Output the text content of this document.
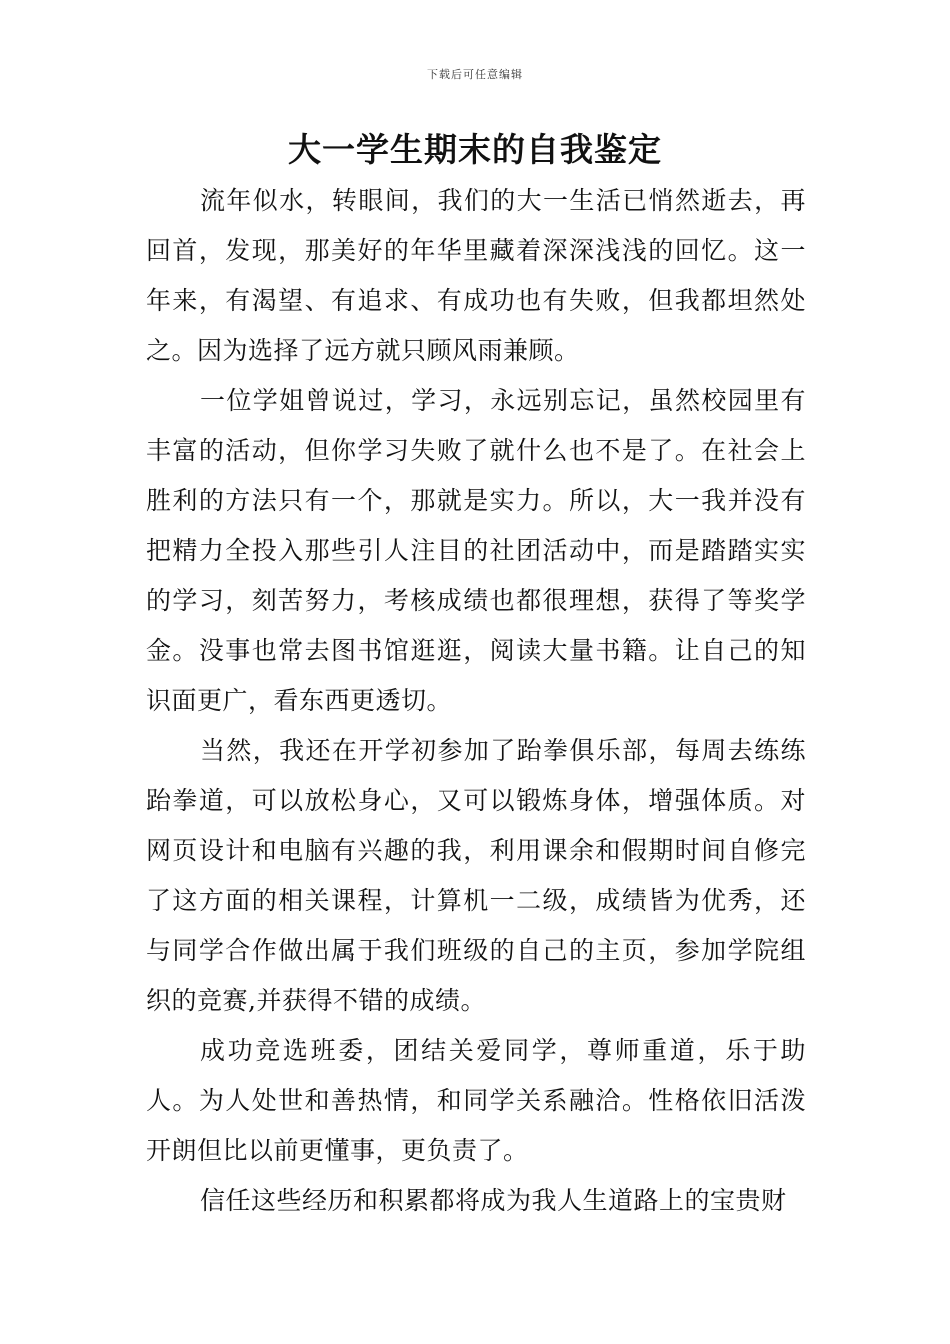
下载后可任意编辑
大一学生期末的自我鉴定

流年似水，转眼间，我们的大一生活已悄然逝去，再回首，发现，那美好的年华里藏着深深浅浅的回忆。这一年来，有渴望、有追求、有成功也有失败，但我都坦然处之。因为选择了远方就只顾风雨兼顾。

一位学姐曾说过，学习，永远别忘记，虽然校园里有丰富的活动，但你学习失败了就什么也不是了。在社会上胜利的方法只有一个，那就是实力。所以，大一我并没有把精力全投入那些引人注目的社团活动中，而是踏踏实实的学习，刻苦努力，考核成绩也都很理想，获得了等奖学金。没事也常去图书馆逛逛，阅读大量书籍。让自己的知识面更广，看东西更透切。

当然，我还在开学初参加了跆拳俱乐部，每周去练练跆拳道，可以放松身心，又可以锻炼身体，增强体质。对网页设计和电脑有兴趣的我，利用课余和假期时间自修完了这方面的相关课程，计算机一二级，成绩皆为优秀，还与同学合作做出属于我们班级的自己的主页，参加学院组织的竞赛,并获得不错的成绩。

成功竞选班委，团结关爱同学，尊师重道，乐于助人。为人处世和善热情，和同学关系融洽。性格依旧活泼开朗但比以前更懂事，更负责了。

信任这些经历和积累都将成为我人生道路上的宝贵财
